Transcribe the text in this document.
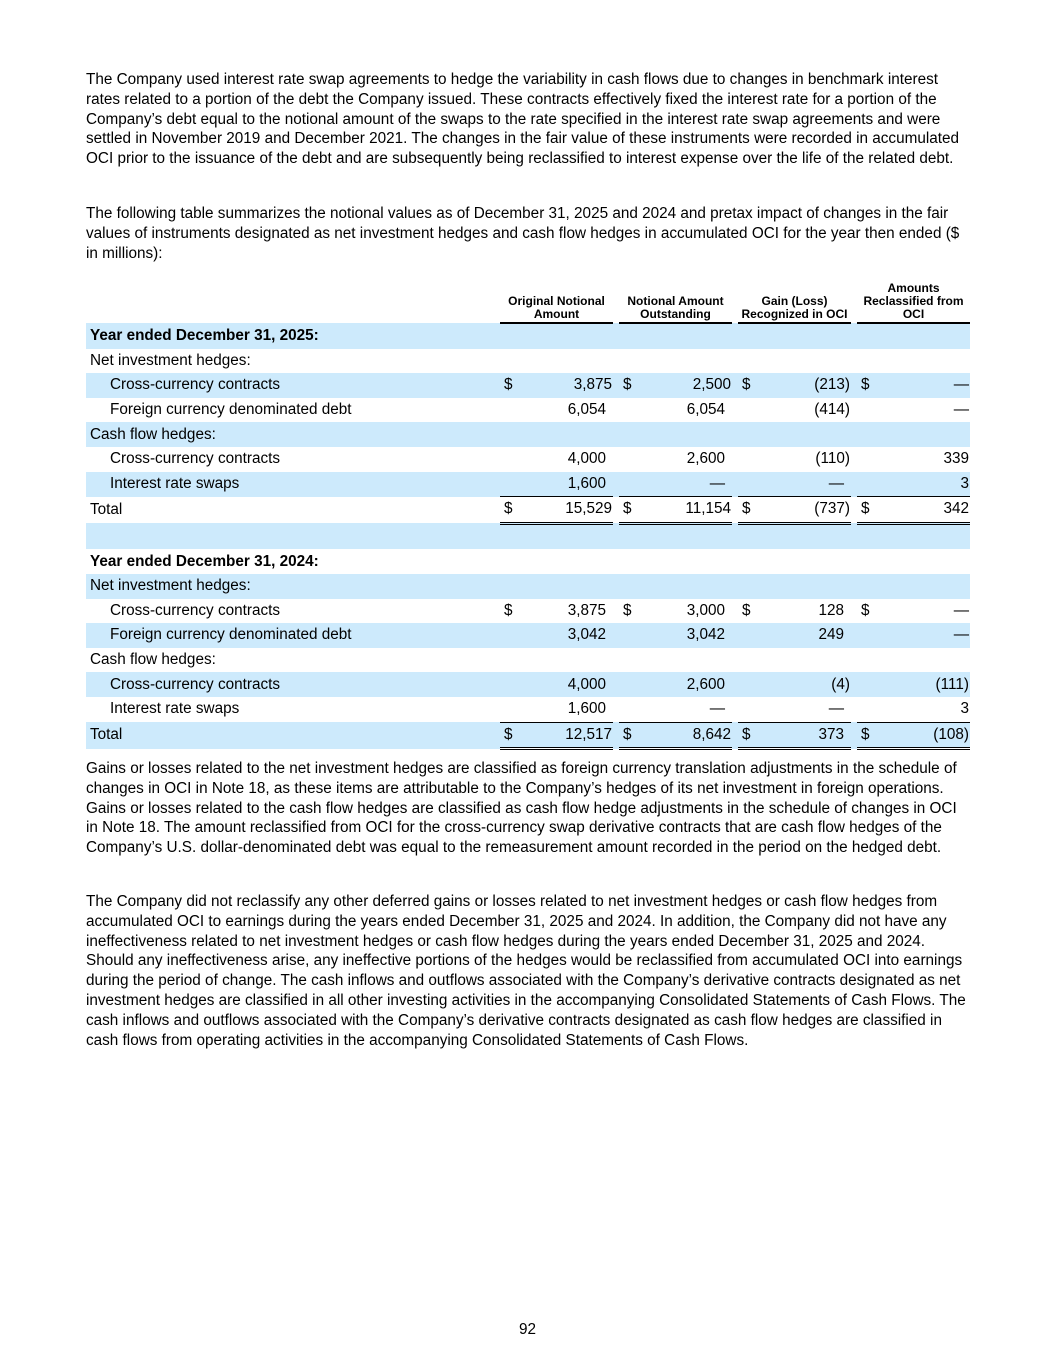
The Company used interest rate swap agreements to hedge the variability in cash flows due to changes in benchmark interest rates related to a portion of the debt the Company issued. These contracts effectively fixed the interest rate for a portion of the Company’s debt equal to the notional amount of the swaps to the rate specified in the interest rate swap agreements and were settled in November 2019 and December 2021. The changes in the fair value of these instruments were recorded in accumulated OCI prior to the issuance of the debt and are subsequently being reclassified to interest expense over the life of the related debt.

The following table summarizes the notional values as of December 31, 2025 and 2024 and pretax impact of changes in the fair values of instruments designated as net investment hedges and cash flow hedges in accumulated OCI for the year then ended ($ in millions):

	Original Notional Amount		Notional Amount Outstanding		Gain (Loss) Recognized in OCI		Amounts Reclassified from OCI
Year ended December 31, 2025:							
Net investment hedges:							
Cross-currency contracts	$ 3,875		$ 2,500		$ (213)		$ —
Foreign currency denominated debt	6,054		6,054		(414)		—
Cash flow hedges:							
Cross-currency contracts	4,000		2,600		(110)		339
Interest rate swaps	1,600		—		—		3
Total	$ 15,529		$ 11,154		$ (737)		$ 342

Year ended December 31, 2024:							
Net investment hedges:							
Cross-currency contracts	$ 3,875		$ 3,000		$ 128		$ —
Foreign currency denominated debt	3,042		3,042		249		—
Cash flow hedges:							
Cross-currency contracts	4,000		2,600		(4)		(111)
Interest rate swaps	1,600		—		—		3
Total	$ 12,517		$ 8,642		$ 373		$ (108)

Gains or losses related to the net investment hedges are classified as foreign currency translation adjustments in the schedule of changes in OCI in Note 18, as these items are attributable to the Company’s hedges of its net investment in foreign operations. Gains or losses related to the cash flow hedges are classified as cash flow hedge adjustments in the schedule of changes in OCI in Note 18. The amount reclassified from OCI for the cross-currency swap derivative contracts that are cash flow hedges of the Company’s U.S. dollar-denominated debt was equal to the remeasurement amount recorded in the period on the hedged debt.

The Company did not reclassify any other deferred gains or losses related to net investment hedges or cash flow hedges from accumulated OCI to earnings during the years ended December 31, 2025 and 2024. In addition, the Company did not have any ineffectiveness related to net investment hedges or cash flow hedges during the years ended December 31, 2025 and 2024. Should any ineffectiveness arise, any ineffective portions of the hedges would be reclassified from accumulated OCI into earnings during the period of change. The cash inflows and outflows associated with the Company’s derivative contracts designated as net investment hedges are classified in all other investing activities in the accompanying Consolidated Statements of Cash Flows. The cash inflows and outflows associated with the Company’s derivative contracts designated as cash flow hedges are classified in cash flows from operating activities in the accompanying Consolidated Statements of Cash Flows.

92
